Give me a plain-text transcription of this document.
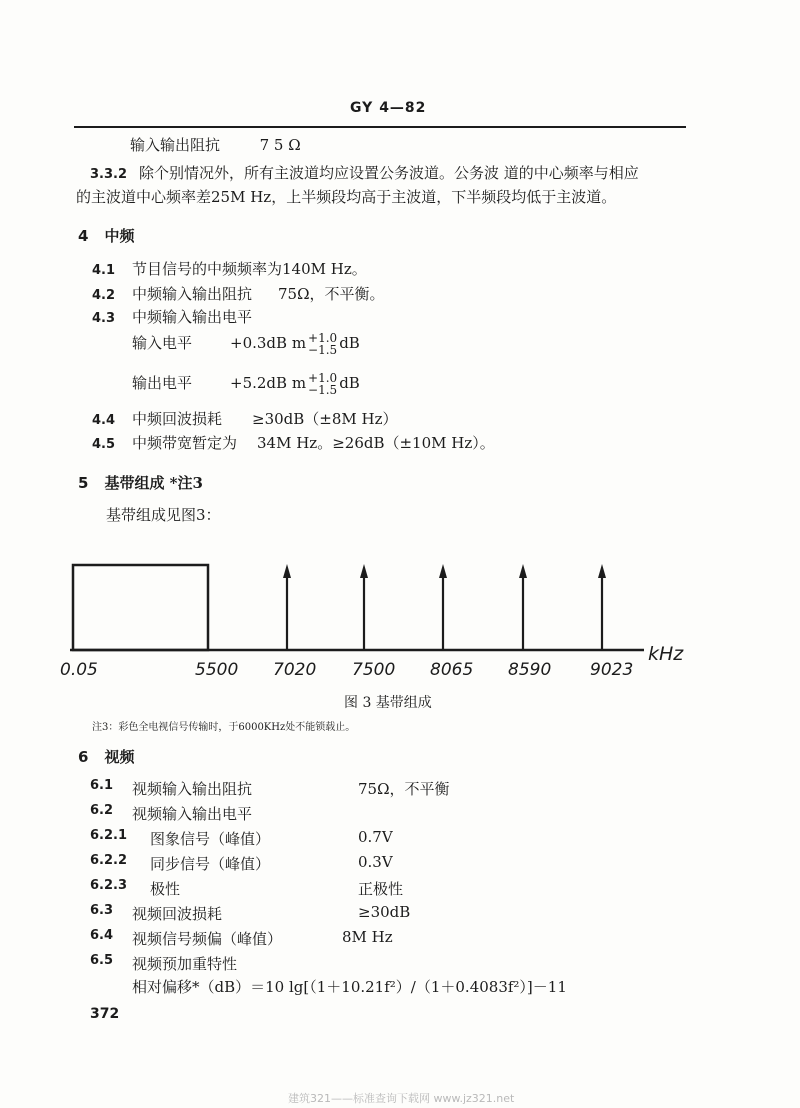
GY 4—82
输入输出阻抗	7 5 Ω
3.3.2 除个别情况外，所有主波道均应设置公务波道。公务波 道的中心频率与相应
的主波道中心频率差25M Hz，上半频段均高于主波道，下半频段均低于主波道。
4 中频
4.1 节目信号的中频频率为140M Hz。
4.2 中频输入输出阻抗 75Ω，不平衡。
4.3 中频输入输出电平
输入电平	+0.3dB m +1.0
−1.5 dB
输出电平	+5.2dB m +1.0
−1.5 dB
4.4 中频回波损耗 ≥30dB（±8M Hz）
4.5 中频带宽暂定为 34M Hz。≥26dB（±10M Hz）。
5 基带组成 *注3
基带组成见图3：
0.05	5500 7020 7500 8065 8590 9023
kHz
图 3 基带组成
注3：彩色全电视信号传输时，于6000KHz处不能锁载止。
6 视频
6.1 视频输入输出阻抗	75Ω，不平衡
6.2 视频输入输出电平
6.2.1 图象信号（峰值）	0.7V
6.2.2 同步信号（峰值）	0.3V
6.2.3 极性	正极性
6.3 视频回波损耗	≥30dB
6.4 视频信号频偏（峰值）	8M Hz
6.5 视频预加重特性
相对偏移*（dB）＝10 lg[（1＋10.21f²）/（1＋0.4083f²）]－11
372
建筑321——标准查询下载网 www.jz321.net
